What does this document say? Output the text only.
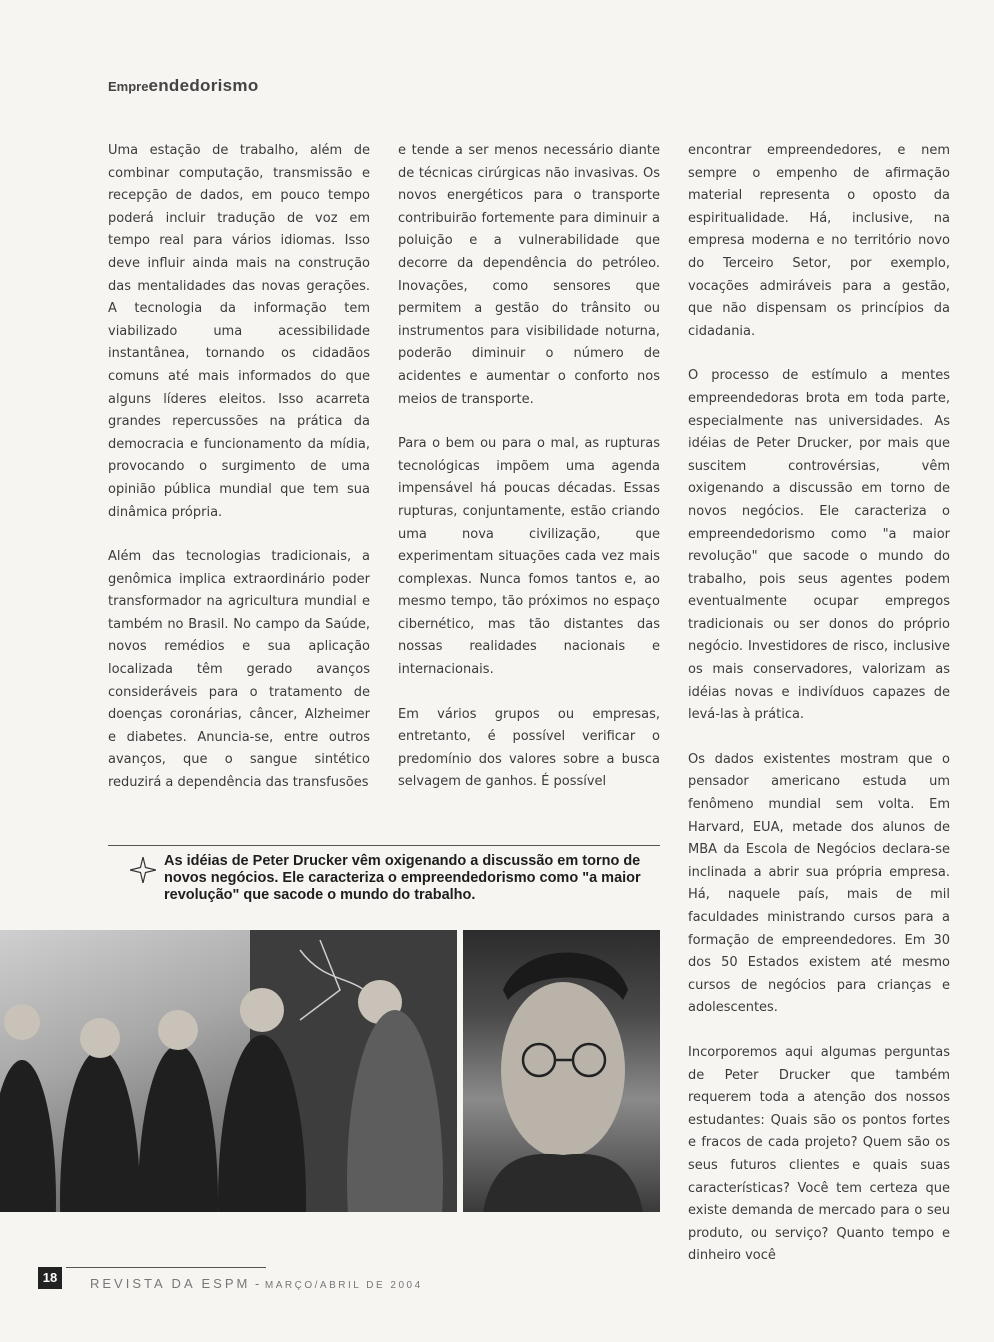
Empreendedorismo

Uma estação de trabalho, além de combinar computação, transmissão e recepção de dados, em pouco tempo poderá incluir tradução de voz em tempo real para vários idiomas. Isso deve influir ainda mais na construção das mentalidades das novas gerações. A tecnologia da informação tem viabilizado uma acessibilidade instantânea, tornando os cidadãos comuns até mais informados do que alguns líderes eleitos. Isso acarreta grandes repercussões na prática da democracia e funcionamento da mídia, provocando o surgimento de uma opinião pública mundial que tem sua dinâmica própria.

Além das tecnologias tradicionais, a genômica implica extraordinário poder transformador na agricultura mundial e também no Brasil. No campo da Saúde, novos remédios e sua aplicação localizada têm gerado avanços consideráveis para o tratamento de doenças coronárias, câncer, Alzheimer e diabetes. Anuncia-se, entre outros avanços, que o sangue sintético reduzirá a dependência das transfusões

e tende a ser menos necessário diante de técnicas cirúrgicas não invasivas. Os novos energéticos para o transporte contribuirão fortemente para diminuir a poluição e a vulnerabilidade que decorre da dependência do petróleo. Inovações, como sensores que permitem a gestão do trânsito ou instrumentos para visibilidade noturna, poderão diminuir o número de acidentes e aumentar o conforto nos meios de transporte.

Para o bem ou para o mal, as rupturas tecnológicas impõem uma agenda impensável há poucas décadas. Essas rupturas, conjuntamente, estão criando uma nova civilização, que experimentam situações cada vez mais complexas. Nunca fomos tantos e, ao mesmo tempo, tão próximos no espaço cibernético, mas tão distantes das nossas realidades nacionais e internacionais.

Em vários grupos ou empresas, entretanto, é possível verificar o predomínio dos valores sobre a busca selvagem de ganhos. É possível

encontrar empreendedores, e nem sempre o empenho de afirmação material representa o oposto da espiritualidade. Há, inclusive, na empresa moderna e no território novo do Terceiro Setor, por exemplo, vocações admiráveis para a gestão, que não dispensam os princípios da cidadania.

O processo de estímulo a mentes empreendedoras brota em toda parte, especialmente nas universidades. As idéias de Peter Drucker, por mais que suscitem controvérsias, vêm oxigenando a discussão em torno de novos negócios. Ele caracteriza o empreendedorismo como "a maior revolução" que sacode o mundo do trabalho, pois seus agentes podem eventualmente ocupar empregos tradicionais ou ser donos do próprio negócio. Investidores de risco, inclusive os mais conservadores, valorizam as idéias novas e indivíduos capazes de levá-las à prática.

Os dados existentes mostram que o pensador americano estuda um fenômeno mundial sem volta. Em Harvard, EUA, metade dos alunos de MBA da Escola de Negócios declara-se inclinada a abrir sua própria empresa. Há, naquele país, mais de mil faculdades ministrando cursos para a formação de empreendedores. Em 30 dos 50 Estados existem até mesmo cursos de negócios para crianças e adolescentes.

Incorporemos aqui algumas perguntas de Peter Drucker que também requerem toda a atenção dos nossos estudantes: Quais são os pontos fortes e fracos de cada projeto? Quem são os seus futuros clientes e quais suas características? Você tem certeza que existe demanda de mercado para o seu produto, ou serviço? Quanto tempo e dinheiro você

As idéias de Peter Drucker vêm oxigenando a discussão em torno de novos negócios. Ele caracteriza o empreendedorismo como "a maior revolução" que sacode o mundo do trabalho.
18	REVISTA DA ESPM - MARÇO/ABRIL DE 2004
